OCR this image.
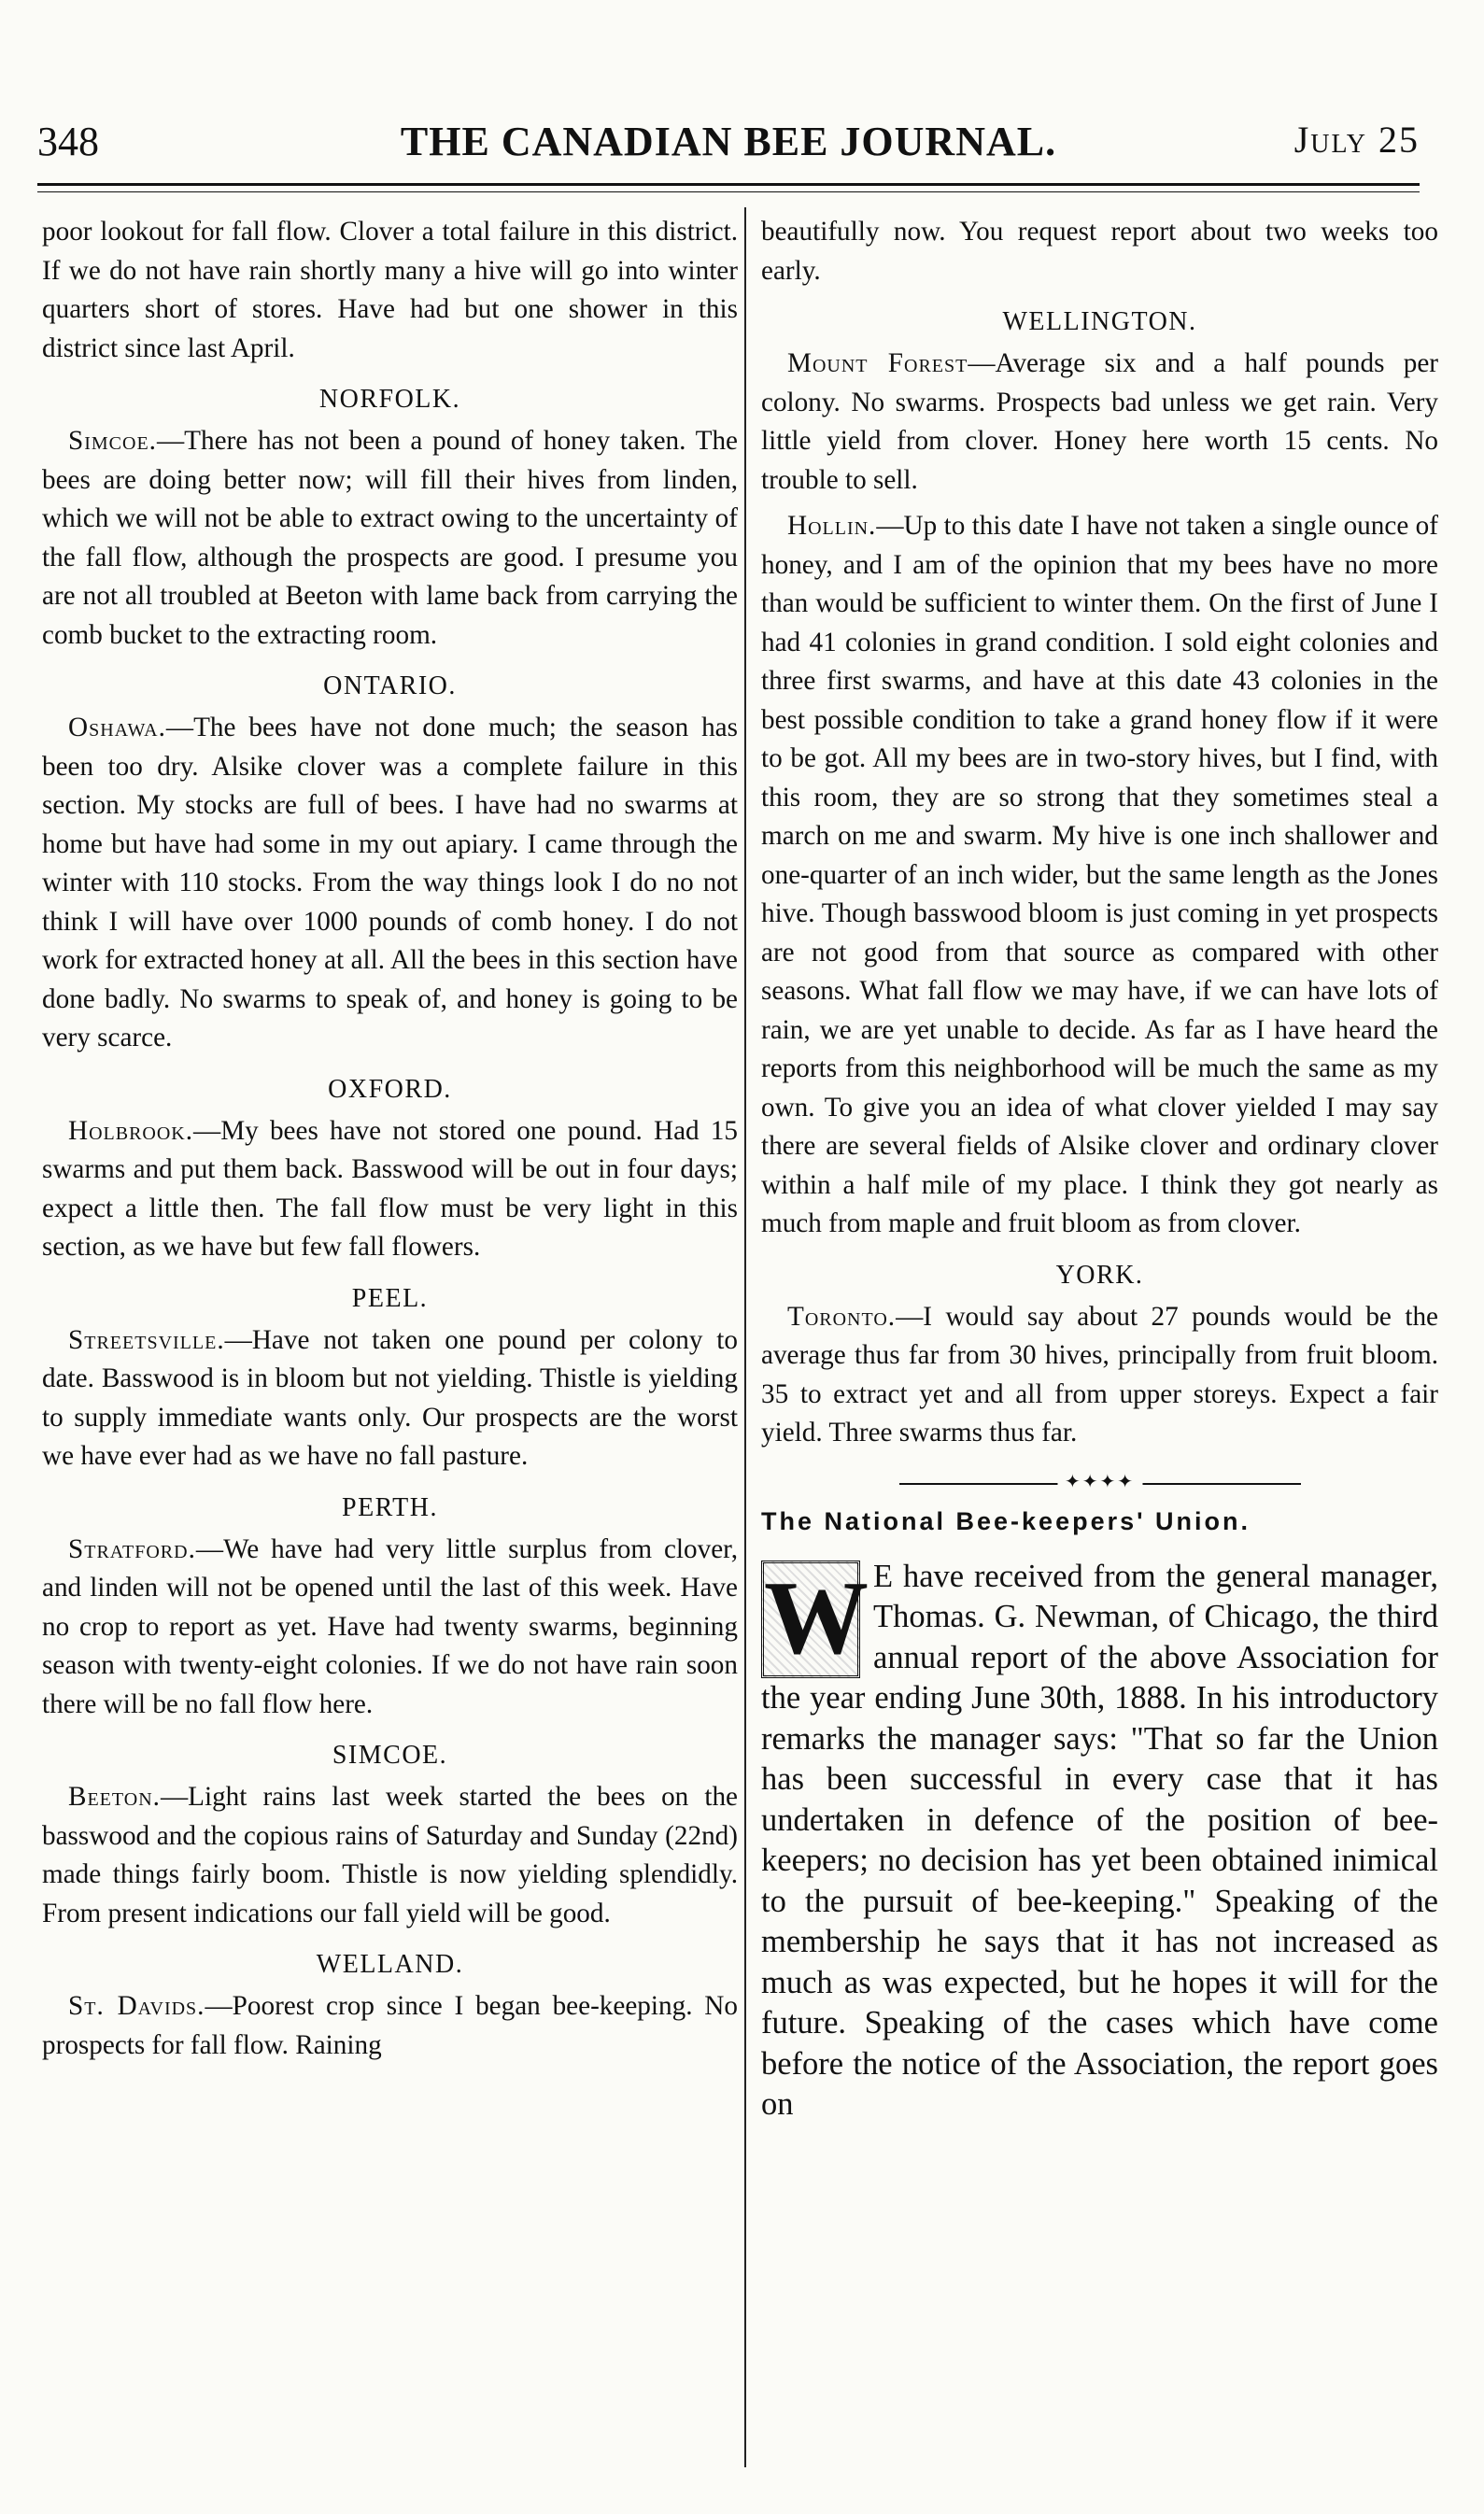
348	THE CANADIAN BEE JOURNAL.	July 25

poor lookout for fall flow. Clover a total failure in this district. If we do not have rain shortly many a hive will go into winter quarters short of stores. Have had but one shower in this district since last April.

NORFOLK.

Simcoe.—There has not been a pound of honey taken. The bees are doing better now; will fill their hives from linden, which we will not be able to extract owing to the uncertainty of the fall flow, although the prospects are good. I presume you are not all troubled at Beeton with lame back from carrying the comb bucket to the extracting room.

ONTARIO.

Oshawa.—The bees have not done much; the season has been too dry. Alsike clover was a complete failure in this section. My stocks are full of bees. I have had no swarms at home but have had some in my out apiary. I came through the winter with 110 stocks. From the way things look I do no not think I will have over 1000 pounds of comb honey. I do not work for extracted honey at all. All the bees in this section have done badly. No swarms to speak of, and honey is going to be very scarce.

OXFORD.

Holbrook.—My bees have not stored one pound. Had 15 swarms and put them back. Basswood will be out in four days; expect a little then. The fall flow must be very light in this section, as we have but few fall flowers.

PEEL.

Streetsville.—Have not taken one pound per colony to date. Basswood is in bloom but not yielding. Thistle is yielding to supply immediate wants only. Our prospects are the worst we have ever had as we have no fall pasture.

PERTH.

Stratford.—We have had very little surplus from clover, and linden will not be opened until the last of this week. Have no crop to report as yet. Have had twenty swarms, beginning season with twenty-eight colonies. If we do not have rain soon there will be no fall flow here.

SIMCOE.

Beeton.—Light rains last week started the bees on the basswood and the copious rains of Saturday and Sunday (22nd) made things fairly boom. Thistle is now yielding splendidly. From present indications our fall yield will be good.

WELLAND.

St. Davids.—Poorest crop since I began bee-keeping. No prospects for fall flow. Raining

beautifully now. You request report about two weeks too early.

WELLINGTON.

Mount Forest—Average six and a half pounds per colony. No swarms. Prospects bad unless we get rain. Very little yield from clover. Honey here worth 15 cents. No trouble to sell.

Hollin.—Up to this date I have not taken a single ounce of honey, and I am of the opinion that my bees have no more than would be sufficient to winter them. On the first of June I had 41 colonies in grand condition. I sold eight colonies and three first swarms, and have at this date 43 colonies in the best possible condition to take a grand honey flow if it were to be got. All my bees are in two-story hives, but I find, with this room, they are so strong that they sometimes steal a march on me and swarm. My hive is one inch shallower and one-quarter of an inch wider, but the same length as the Jones hive. Though basswood bloom is just coming in yet prospects are not good from that source as compared with other seasons. What fall flow we may have, if we can have lots of rain, we are yet unable to decide. As far as I have heard the reports from this neighborhood will be much the same as my own. To give you an idea of what clover yielded I may say there are several fields of Alsike clover and ordinary clover within a half mile of my place. I think they got nearly as much from maple and fruit bloom as from clover.

YORK.

Toronto.—I would say about 27 pounds would be the average thus far from 30 hives, principally from fruit bloom. 35 to extract yet and all from upper storeys. Expect a fair yield. Three swarms thus far.

✦✦✦✦
The National Bee-keepers' Union.

W E have received from the general manager, Thomas. G. Newman, of Chicago, the third annual report of the above Association for the year ending June 30th, 1888. In his introductory remarks the manager says: "That so far the Union has been successful in every case that it has undertaken in defence of the position of bee-keepers; no decision has yet been obtained inimical to the pursuit of bee-keeping." Speaking of the membership he says that it has not increased as much as was expected, but he hopes it will for the future. Speaking of the cases which have come before the notice of the Association, the report goes on
